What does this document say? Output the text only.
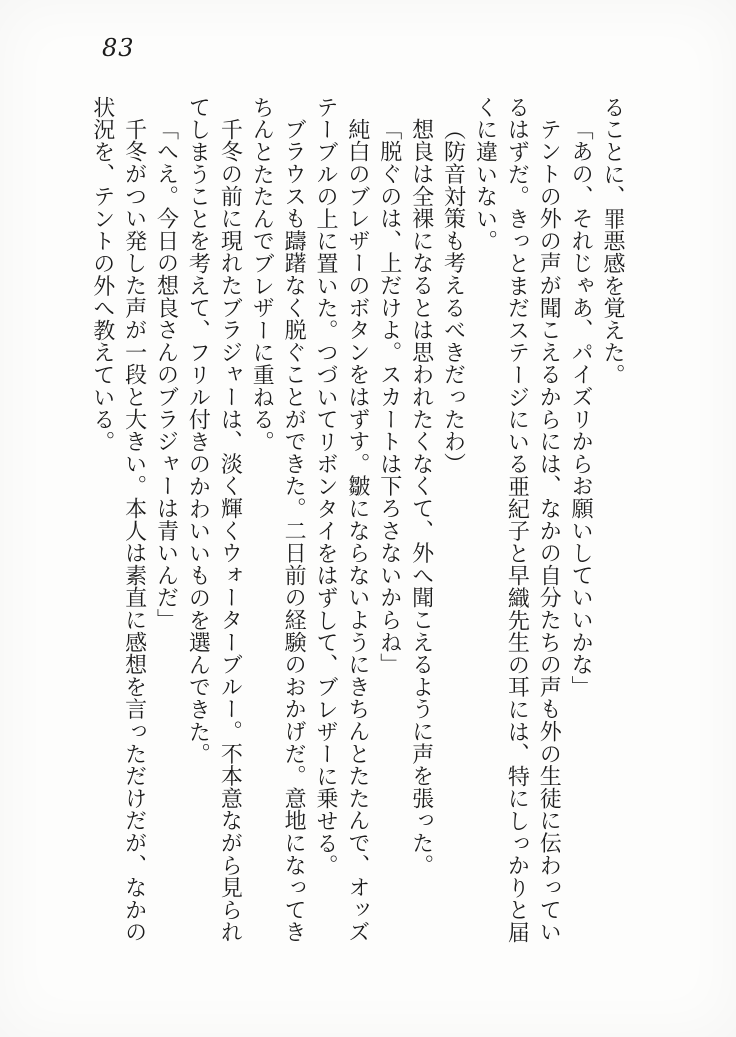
83

ることに、罪悪感を覚えた。

「あの、それじゃあ、パイズリからお願いしていいかな」

テントの外の声が聞こえるからには、なかの自分たちの声も外の生徒に伝わってい

るはずだ。きっとまだステージにいる亜紀子と早織先生の耳には、特にしっかりと届

くに違いない。

（防音対策も考えるべきだったわ）

想良は全裸になるとは思われたくなくて、外へ聞こえるように声を張った。

「脱ぐのは、上だけよ。スカートは下ろさないからね」

純白のブレザーのボタンをはずす。皺にならないようにきちんとたたんで、オッズ

テーブルの上に置いた。つづいてリボンタイをはずして、ブレザーに乗せる。

ブラウスも躊躇なく脱ぐことができた。二日前の経験のおかげだ。意地になってき

ちんとたたんでブレザーに重ねる。

千冬の前に現れたブラジャーは、淡く輝くウォーターブルー。不本意ながら見られ

てしまうことを考えて、フリル付きのかわいいものを選んできた。

「へえ。今日の想良さんのブラジャーは青いんだ」

千冬がつい発した声が一段と大きい。本人は素直に感想を言っただけだが、なかの

状況を、テントの外へ教えている。
